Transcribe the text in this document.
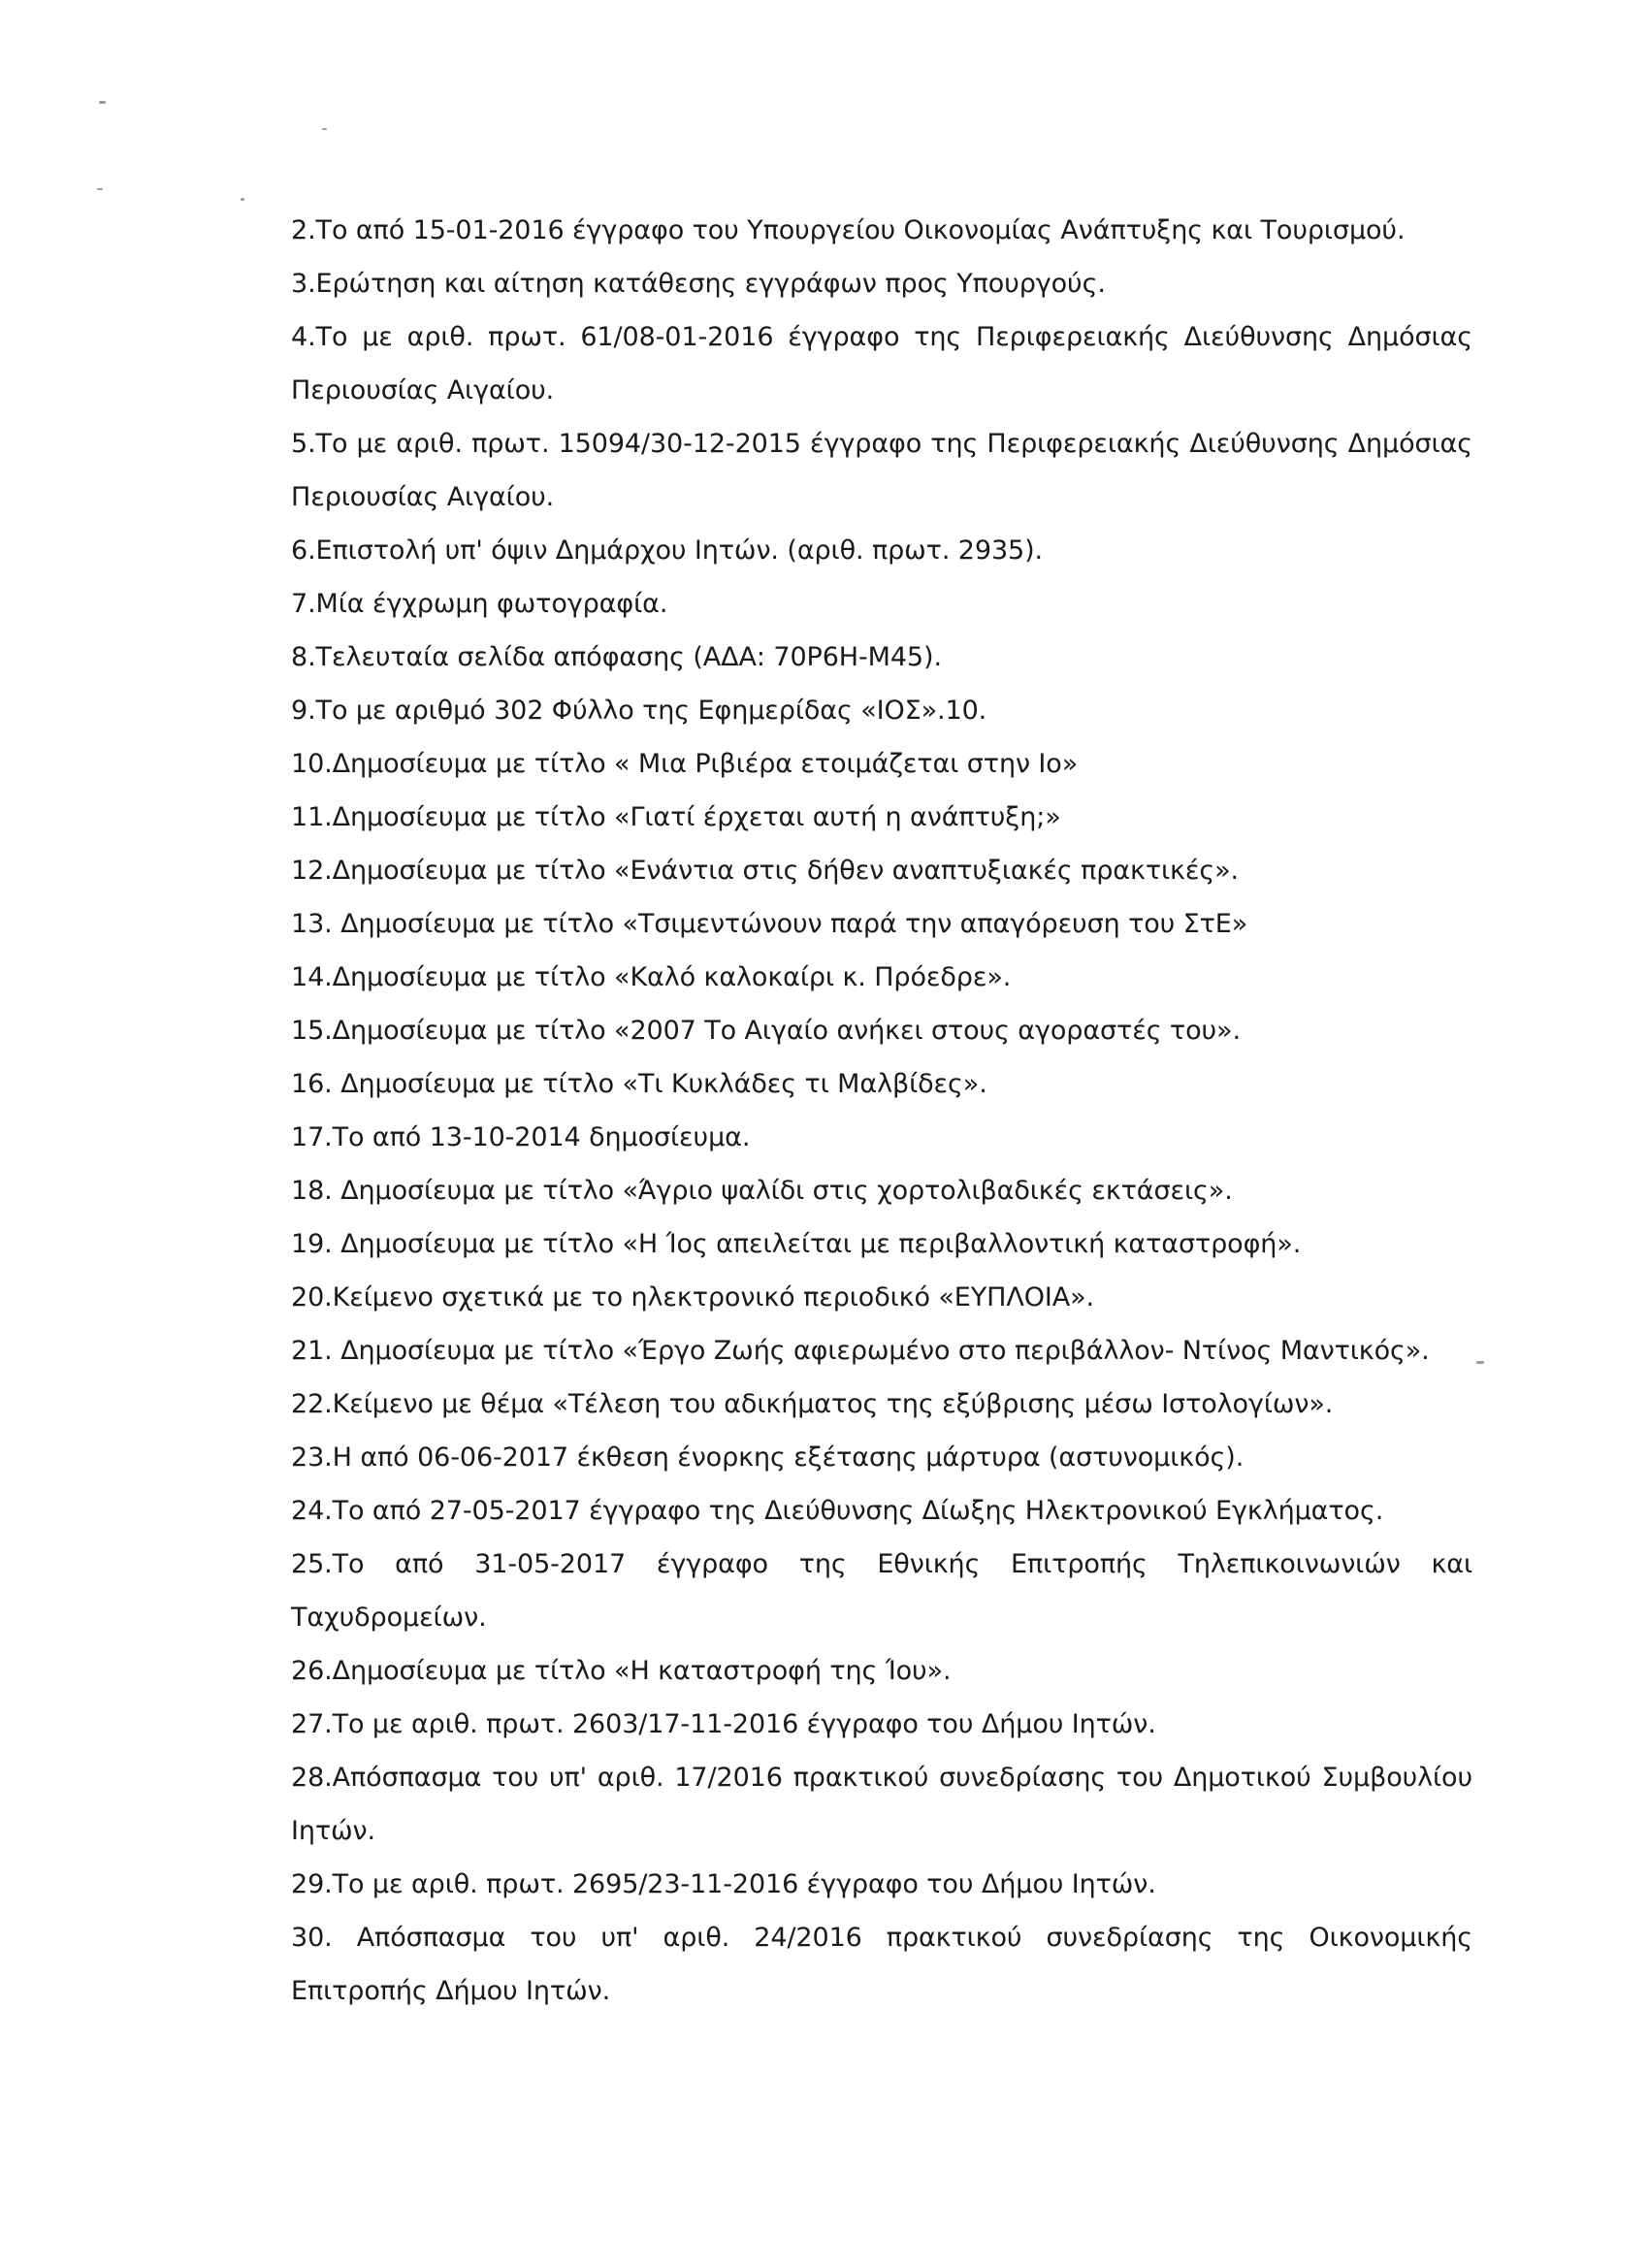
2.Το από 15-01-2016 έγγραφο του Υπουργείου Οικονομίας Ανάπτυξης και Τουρισμού.
3.Ερώτηση και αίτηση κατάθεσης εγγράφων προς Υπουργούς.
4.Το με αριθ. πρωτ. 61/08-01-2016 έγγραφο της Περιφερειακής Διεύθυνσης Δημόσιας Περιουσίας Αιγαίου.
5.Το με αριθ. πρωτ. 15094/30-12-2015 έγγραφο της Περιφερειακής Διεύθυνσης Δημόσιας Περιουσίας Αιγαίου.
6.Επιστολή υπ' όψιν Δημάρχου Ιητών. (αριθ. πρωτ. 2935).
7.Μία έγχρωμη φωτογραφία.
8.Τελευταία σελίδα απόφασης (ΑΔΑ: 70Ρ6Η-Μ45).
9.Το με αριθμό 302 Φύλλο της Εφημερίδας «ΙΟΣ».10.
10.Δημοσίευμα με τίτλο « Μια Ριβιέρα ετοιμάζεται στην Ιο»
11.Δημοσίευμα με τίτλο «Γιατί έρχεται αυτή η ανάπτυξη;»
12.Δημοσίευμα με τίτλο «Ενάντια στις δήθεν αναπτυξιακές πρακτικές».
13. Δημοσίευμα με τίτλο «Τσιμεντώνουν παρά την απαγόρευση του ΣτΕ»
14.Δημοσίευμα με τίτλο «Καλό καλοκαίρι κ. Πρόεδρε».
15.Δημοσίευμα με τίτλο «2007 Το Αιγαίο ανήκει στους αγοραστές του».
16. Δημοσίευμα με τίτλο «Τι Κυκλάδες τι Μαλβίδες».
17.Το από 13-10-2014 δημοσίευμα.
18. Δημοσίευμα με τίτλο «Άγριο ψαλίδι στις χορτολιβαδικές εκτάσεις».
19. Δημοσίευμα με τίτλο «Η Ίος απειλείται με περιβαλλοντική καταστροφή».
20.Κείμενο σχετικά με το ηλεκτρονικό περιοδικό «ΕΥΠΛΟΙΑ».
21. Δημοσίευμα με τίτλο «Έργο Ζωής αφιερωμένο στο περιβάλλον- Ντίνος Μαντικός».
22.Κείμενο με θέμα «Τέλεση του αδικήματος της εξύβρισης μέσω Ιστολογίων».
23.Η από 06-06-2017 έκθεση ένορκης εξέτασης μάρτυρα (αστυνομικός).
24.Το από 27-05-2017 έγγραφο της Διεύθυνσης Δίωξης Ηλεκτρονικού Εγκλήματος.
25.Το από 31-05-2017 έγγραφο της Εθνικής Επιτροπής Τηλεπικοινωνιών και Ταχυδρομείων.
26.Δημοσίευμα με τίτλο «Η καταστροφή της Ίου».
27.Το με αριθ. πρωτ. 2603/17-11-2016 έγγραφο του Δήμου Ιητών.
28.Απόσπασμα του υπ' αριθ. 17/2016 πρακτικού συνεδρίασης του Δημοτικού Συμβουλίου Ιητών.
29.Το με αριθ. πρωτ. 2695/23-11-2016 έγγραφο του Δήμου Ιητών.
30. Απόσπασμα του υπ' αριθ. 24/2016 πρακτικού συνεδρίασης της Οικονομικής Επιτροπής Δήμου Ιητών.
